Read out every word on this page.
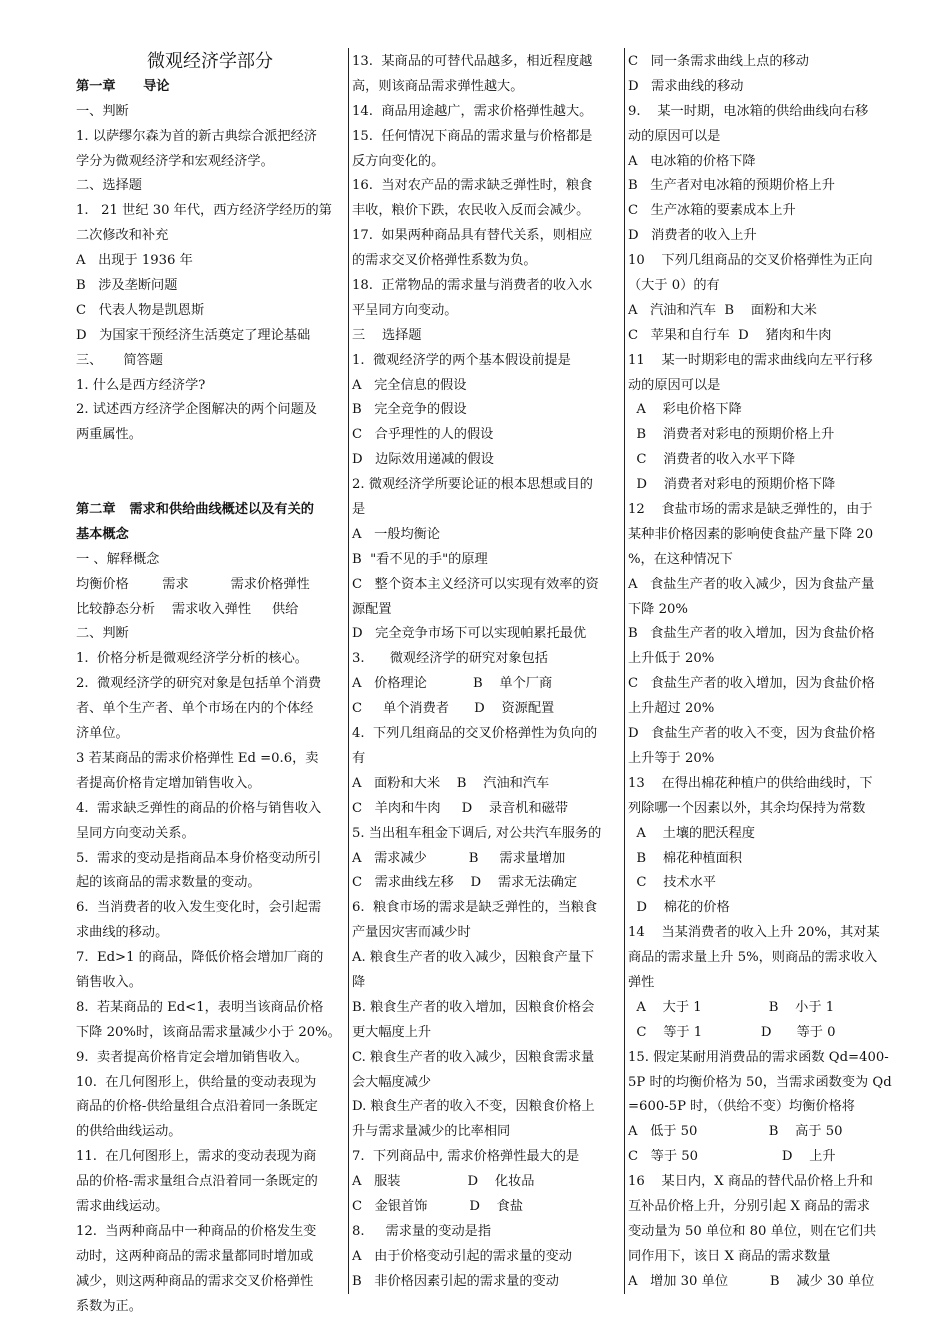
微观经济学部分
第一章      导论
一、判断
1. 以萨缪尔森为首的新古典综合派把经济
学分为微观经济学和宏观经济学。
二、选择题
1.   21 世纪 30 年代，西方经济学经历的第
二次修改和补充
A   出现于 1936 年
B   涉及垄断问题
C   代表人物是凯恩斯
D   为国家干预经济生活奠定了理论基础
三、     简答题
1. 什么是西方经济学?
2. 试述西方经济学企图解决的两个问题及
两重属性。
第二章   需求和供给曲线概述以及有关的
基本概念
一 、解释概念
均衡价格        需求          需求价格弹性
比较静态分析    需求收入弹性     供给
二、判断
1.  价格分析是微观经济学分析的核心。
2.  微观经济学的研究对象是包括单个消费
者、单个生产者、单个市场在内的个体经
济单位。
3 若某商品的需求价格弹性 Ed =0.6，卖
者提高价格肯定增加销售收入。
4.  需求缺乏弹性的商品的价格与销售收入
呈同方向变动关系。
5.  需求的变动是指商品本身价格变动所引
起的该商品的需求数量的变动。
6.  当消费者的收入发生变化时，会引起需
求曲线的移动。
7.  Ed>1 的商品，降低价格会增加厂商的
销售收入。
8.  若某商品的 Ed<1，表明当该商品价格
下降 20%时，该商品需求量减少小于 20%。
9.  卖者提高价格肯定会增加销售收入。
10.  在几何图形上，供给量的变动表现为
商品的价格-供给量组合点沿着同一条既定
的供给曲线运动。
11.  在几何图形上，需求的变动表现为商
品的价格-需求量组合点沿着同一条既定的
需求曲线运动。
12.  当两种商品中一种商品的价格发生变
动时，这两种商品的需求量都同时增加或
减少，则这两种商品的需求交叉价格弹性
系数为正。
13.  某商品的可替代品越多，相近程度越
高，则该商品需求弹性越大。
14.  商品用途越广，需求价格弹性越大。
15.  任何情况下商品的需求量与价格都是
反方向变化的。
16.  当对农产品的需求缺乏弹性时，粮食
丰收，粮价下跌，农民收入反而会减少。
17.  如果两种商品具有替代关系，则相应
的需求交叉价格弹性系数为负。
18.  正常物品的需求量与消费者的收入水
平呈同方向变动。
三    选择题
1.  微观经济学的两个基本假设前提是
A   完全信息的假设
B   完全竞争的假设
C   合乎理性的人的假设
D   边际效用递减的假设
2. 微观经济学所要论证的根本思想或目的
是
A   一般均衡论
B  "看不见的手"的原理
C   整个资本主义经济可以实现有效率的资
源配置
D   完全竞争市场下可以实现帕累托最优
3.      微观经济学的研究对象包括
A   价格理论           B    单个厂商
C     单个消费者      D    资源配置
4.  下列几组商品的交叉价格弹性为负向的
有
A   面粉和大米    B    汽油和汽车
C   羊肉和牛肉     D    录音机和磁带
5. 当出租车租金下调后, 对公共汽车服务的
A   需求减少          B     需求量增加
C   需求曲线左移    D    需求无法确定
6.  粮食市场的需求是缺乏弹性的，当粮食
产量因灾害而减少时
A. 粮食生产者的收入减少，因粮食产量下
降
B. 粮食生产者的收入增加，因粮食价格会
更大幅度上升
C. 粮食生产者的收入减少，因粮食需求量
会大幅度减少
D. 粮食生产者的收入不变，因粮食价格上
升与需求量减少的比率相同
7.  下列商品中, 需求价格弹性最大的是
A   服装                D    化妆品
C   金银首饰          D    食盐
8.     需求量的变动是指
A   由于价格变动引起的需求量的变动
B   非价格因素引起的需求量的变动
C   同一条需求曲线上点的移动
D   需求曲线的移动
9.    某一时期，电冰箱的供给曲线向右移
动的原因可以是
A   电冰箱的价格下降
B   生产者对电冰箱的预期价格上升
C   生产冰箱的要素成本上升
D   消费者的收入上升
10    下列几组商品的交叉价格弹性为正向
（大于 0）的有
A   汽油和汽车  B    面粉和大米
C   苹果和自行车  D    猪肉和牛肉
11    某一时期彩电的需求曲线向左平行移
动的原因可以是
A    彩电价格下降
B    消费者对彩电的预期价格上升
C    消费者的收入水平下降
D    消费者对彩电的预期价格下降
12    食盐市场的需求是缺乏弹性的，由于
某种非价格因素的影响使食盐产量下降 20
%，在这种情况下
A   食盐生产者的收入减少，因为食盐产量
下降 20%
B   食盐生产者的收入增加，因为食盐价格
上升低于 20%
C   食盐生产者的收入增加，因为食盐价格
上升超过 20%
D   食盐生产者的收入不变，因为食盐价格
上升等于 20%
13    在得出棉花种植户的供给曲线时，下
列除哪一个因素以外，其余均保持为常数
A    土壤的肥沃程度
B    棉花种植面积
C    技术水平
D    棉花的价格
14    当某消费者的收入上升 20%，其对某
商品的需求量上升 5%，则商品的需求收入
弹性
A    大于 1                B    小于 1
C    等于 1              D      等于 0
15. 假定某耐用消费品的需求函数 Qd=400-
5P 时的均衡价格为 50，当需求函数变为 Qd
=600-5P 时，（供给不变）均衡价格将
A   低于 50                 B    高于 50
C   等于 50                    D    上升
16    某日内，X 商品的替代品价格上升和
互补品价格上升，分别引起 X 商品的需求
变动量为 50 单位和 80 单位，则在它们共
同作用下，该日 X 商品的需求数量
A   增加 30 单位          B    减少 30 单位
